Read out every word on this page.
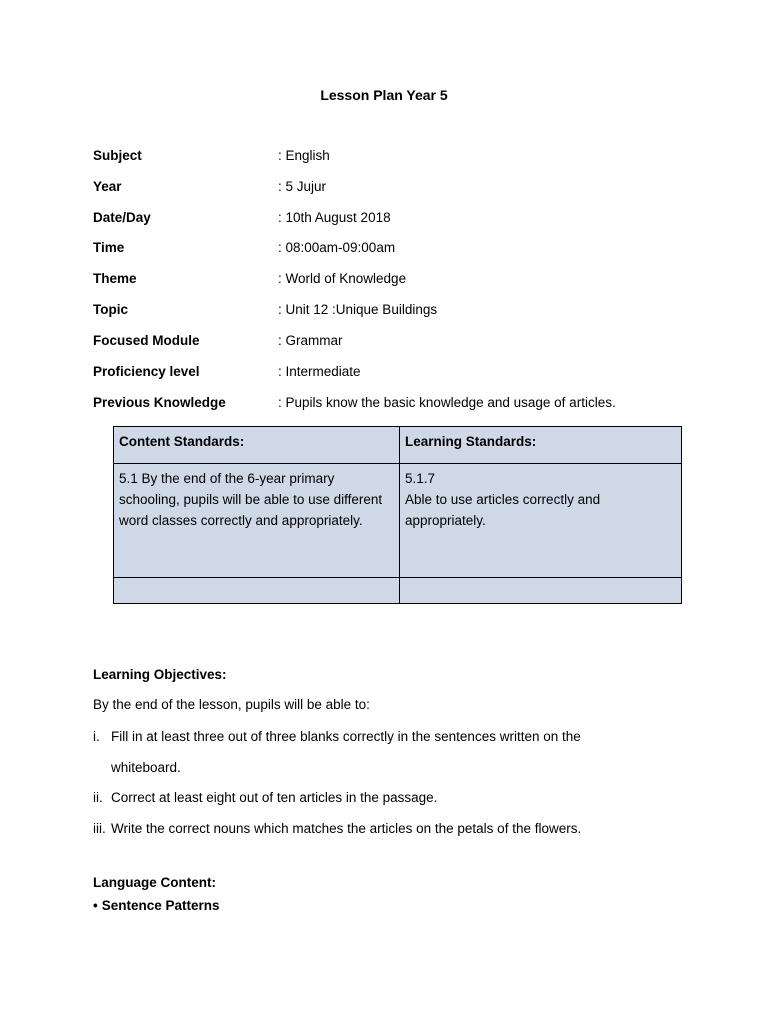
Lesson Plan Year 5
Subject	: English
Year	: 5 Jujur
Date/Day	: 10th August 2018
Time	: 08:00am-09:00am
Theme	: World of Knowledge
Topic	: Unit 12 :Unique Buildings
Focused Module	: Grammar
Proficiency level	: Intermediate
Previous Knowledge	: Pupils know the basic knowledge and usage of articles.
Content Standards:	Learning Standards:

5.1 By the end of the 6-year primary schooling, pupils will be able to use different word classes correctly and appropriately.	5.1.7
Able to use articles correctly and appropriately.

Learning Objectives:
By the end of the lesson, pupils will be able to:
i. Fill in at least three out of three blanks correctly in the sentences written on the whiteboard.
ii. Correct at least eight out of ten articles in the passage.
iii. Write the correct nouns which matches the articles on the petals of the flowers.
Language Content:
• Sentence Patterns
